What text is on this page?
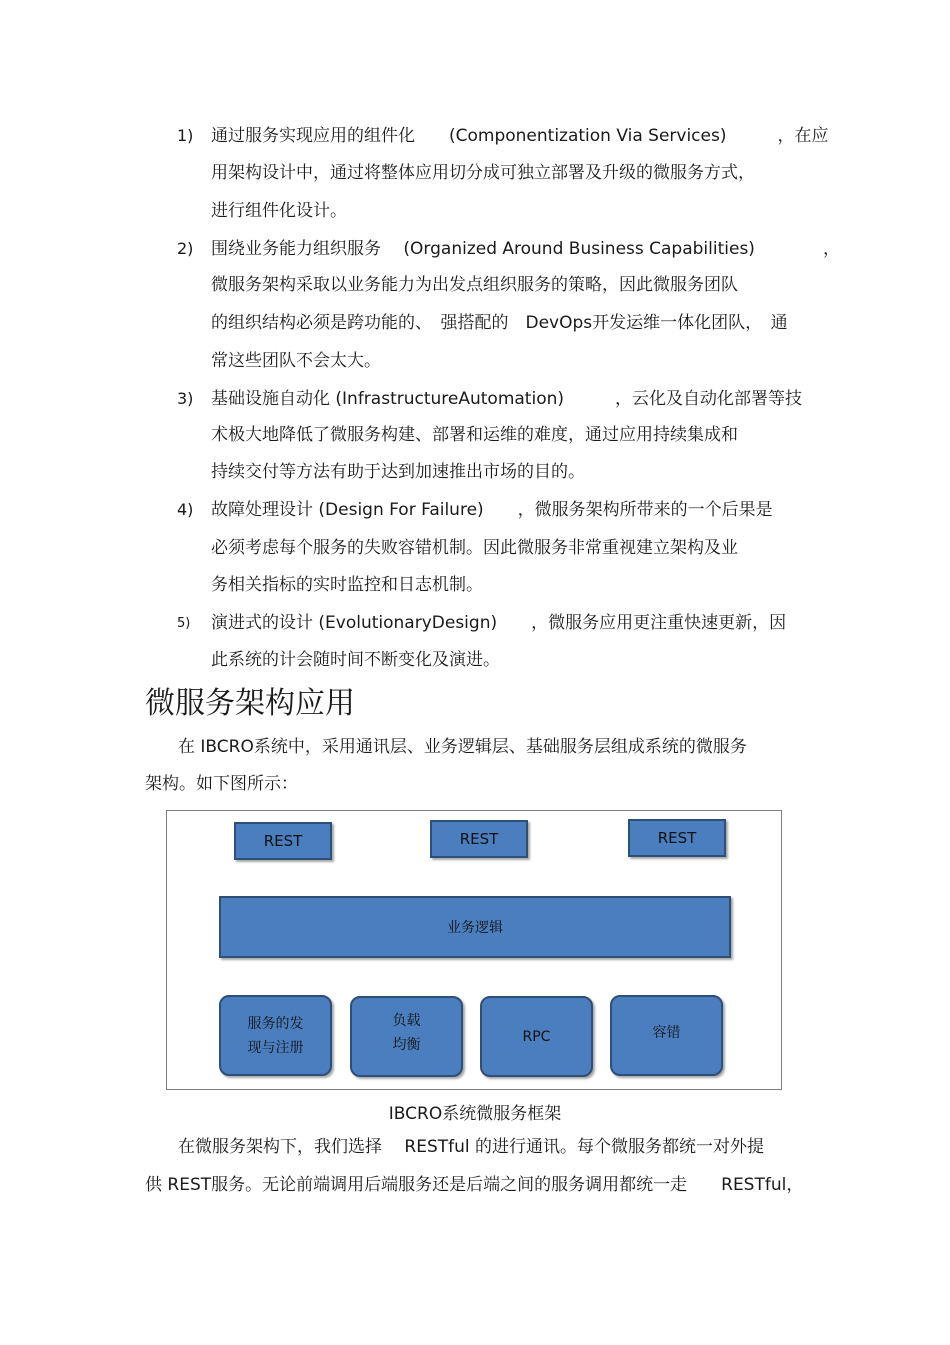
1) 通过服务实现应用的组件化　　(Componentization Via Services)　　　，在应
用架构设计中，通过将整体应用切分成可独立部署及升级的微服务方式，
进行组件化设计。
2) 围绕业务能力组织服务　 (Organized Around Business Capabilities)　　　　，
微服务架构采取以业务能力为出发点组织服务的策略，因此微服务团队
的组织结构必须是跨功能的、　强搭配的　DevOps开发运维一体化团队，　通
常这些团队不会太大。
3) 基础设施自动化 (InfrastructureAutomation)　　　，云化及自动化部署等技
术极大地降低了微服务构建、部署和运维的难度，通过应用持续集成和
持续交付等方法有助于达到加速推出市场的目的。
4) 故障处理设计 (Design For Failure)　　，微服务架构所带来的一个后果是
必须考虑每个服务的失败容错机制。因此微服务非常重视建立架构及业
务相关指标的实时监控和日志机制。
5) 演进式的设计 (EvolutionaryDesign)　　，微服务应用更注重快速更新，因
此系统的计会随时间不断变化及演进。
微服务架构应用
在 IBCRO系统中，采用通讯层、业务逻辑层、基础服务层组成系统的微服务
架构。如下图所示：
REST	REST	REST
业务逻辑
服务的发
现与注册
负载
均衡	RPC	容错
IBCRO系统微服务框架
在微服务架构下，我们选择　 RESTful 的进行通讯。每个微服务都统一对外提
供 REST服务。无论前端调用后端服务还是后端之间的服务调用都统一走　　RESTful，
